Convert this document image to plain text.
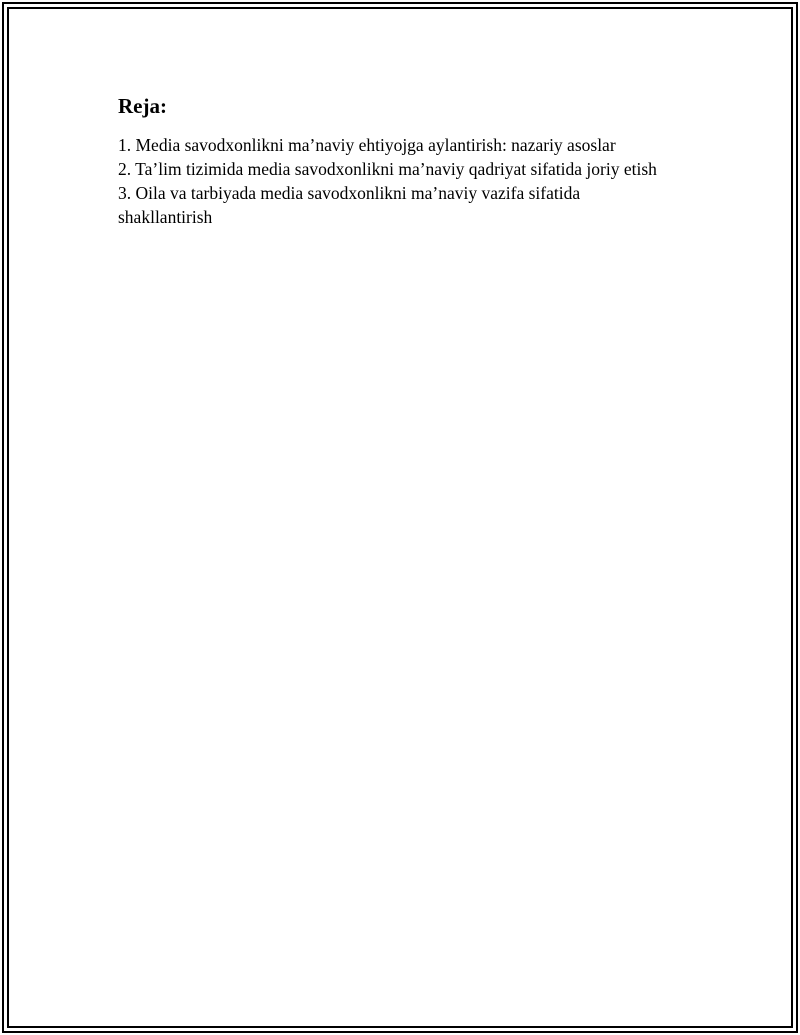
Reja:
1. Media savodxonlikni ma’naviy ehtiyojga aylantirish: nazariy asoslar
2. Ta’lim tizimida media savodxonlikni ma’naviy qadriyat sifatida joriy etish
3. Oila va tarbiyada media savodxonlikni ma’naviy vazifa sifatida shakllantirish
